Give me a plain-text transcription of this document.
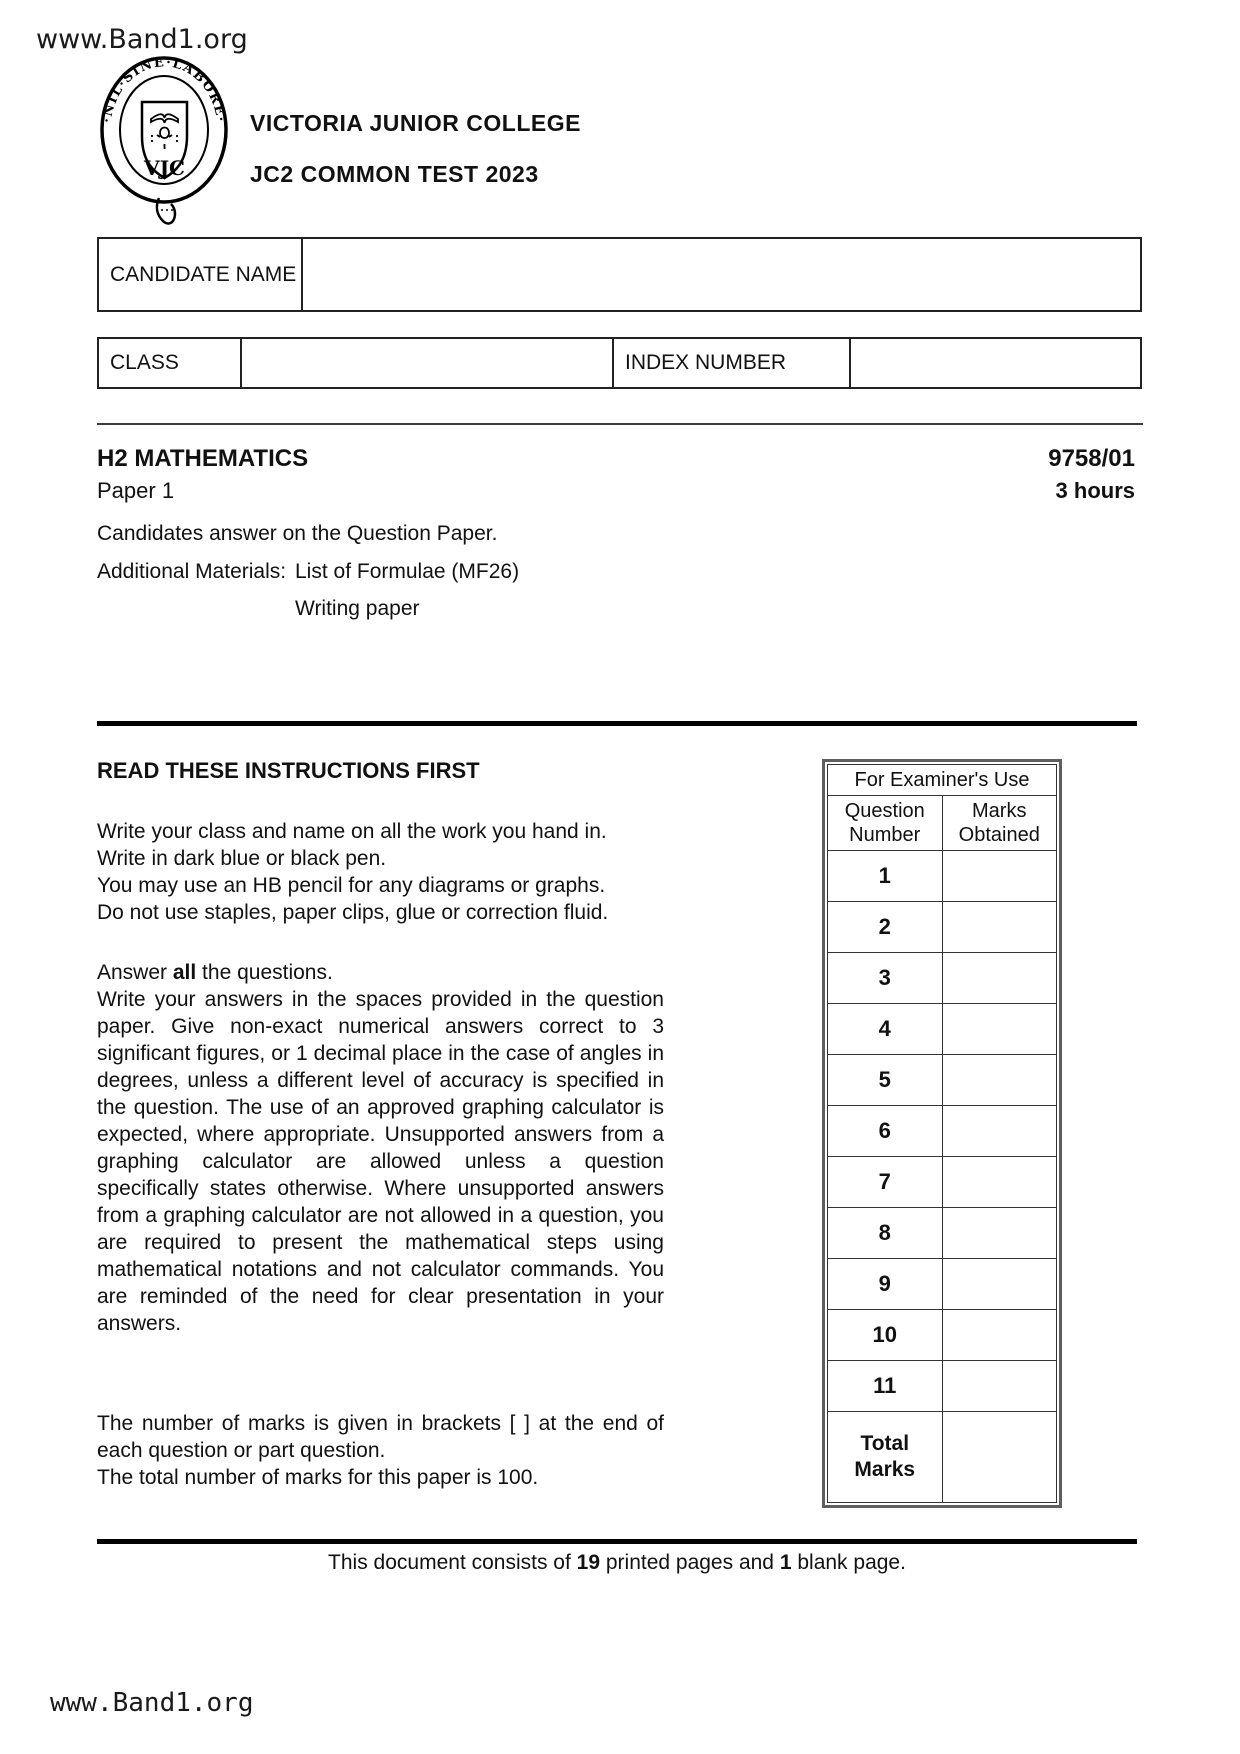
www.Band1.org
·NIL·SINE·LABORE·
VJC
VICTORIA JUNIOR COLLEGE
JC2 COMMON TEST 2023
CANDIDATE NAME	
CLASS		INDEX NUMBER	
H2 MATHEMATICS	9758/01
Paper 1	3 hours
Candidates answer on the Question Paper.
Additional Materials: List of Formulae (MF26)
Writing paper
READ THESE INSTRUCTIONS FIRST
Write your class and name on all the work you hand in.
Write in dark blue or black pen.
You may use an HB pencil for any diagrams or graphs.
Do not use staples, paper clips, glue or correction fluid.
Answer all the questions.
Write your answers in the spaces provided in the question paper. Give non-exact numerical answers correct to 3 significant figures, or 1 decimal place in the case of angles in degrees, unless a different level of accuracy is specified in the question. The use of an approved graphing calculator is expected, where appropriate. Unsupported answers from a graphing calculator are allowed unless a question specifically states otherwise. Where unsupported answers from a graphing calculator are not allowed in a question, you are required to present the mathematical steps using mathematical notations and not calculator commands. You are reminded of the need for clear presentation in your answers.
The number of marks is given in brackets [ ] at the end of each question or part question.
The total number of marks for this paper is 100.
For Examiner's Use	
Question Number	Marks Obtained
1	
2	
3	
4	
5	
6	
7	
8	
9	
10	
11	
Total Marks	
This document consists of 19 printed pages and 1 blank page.
www.Band1.org
